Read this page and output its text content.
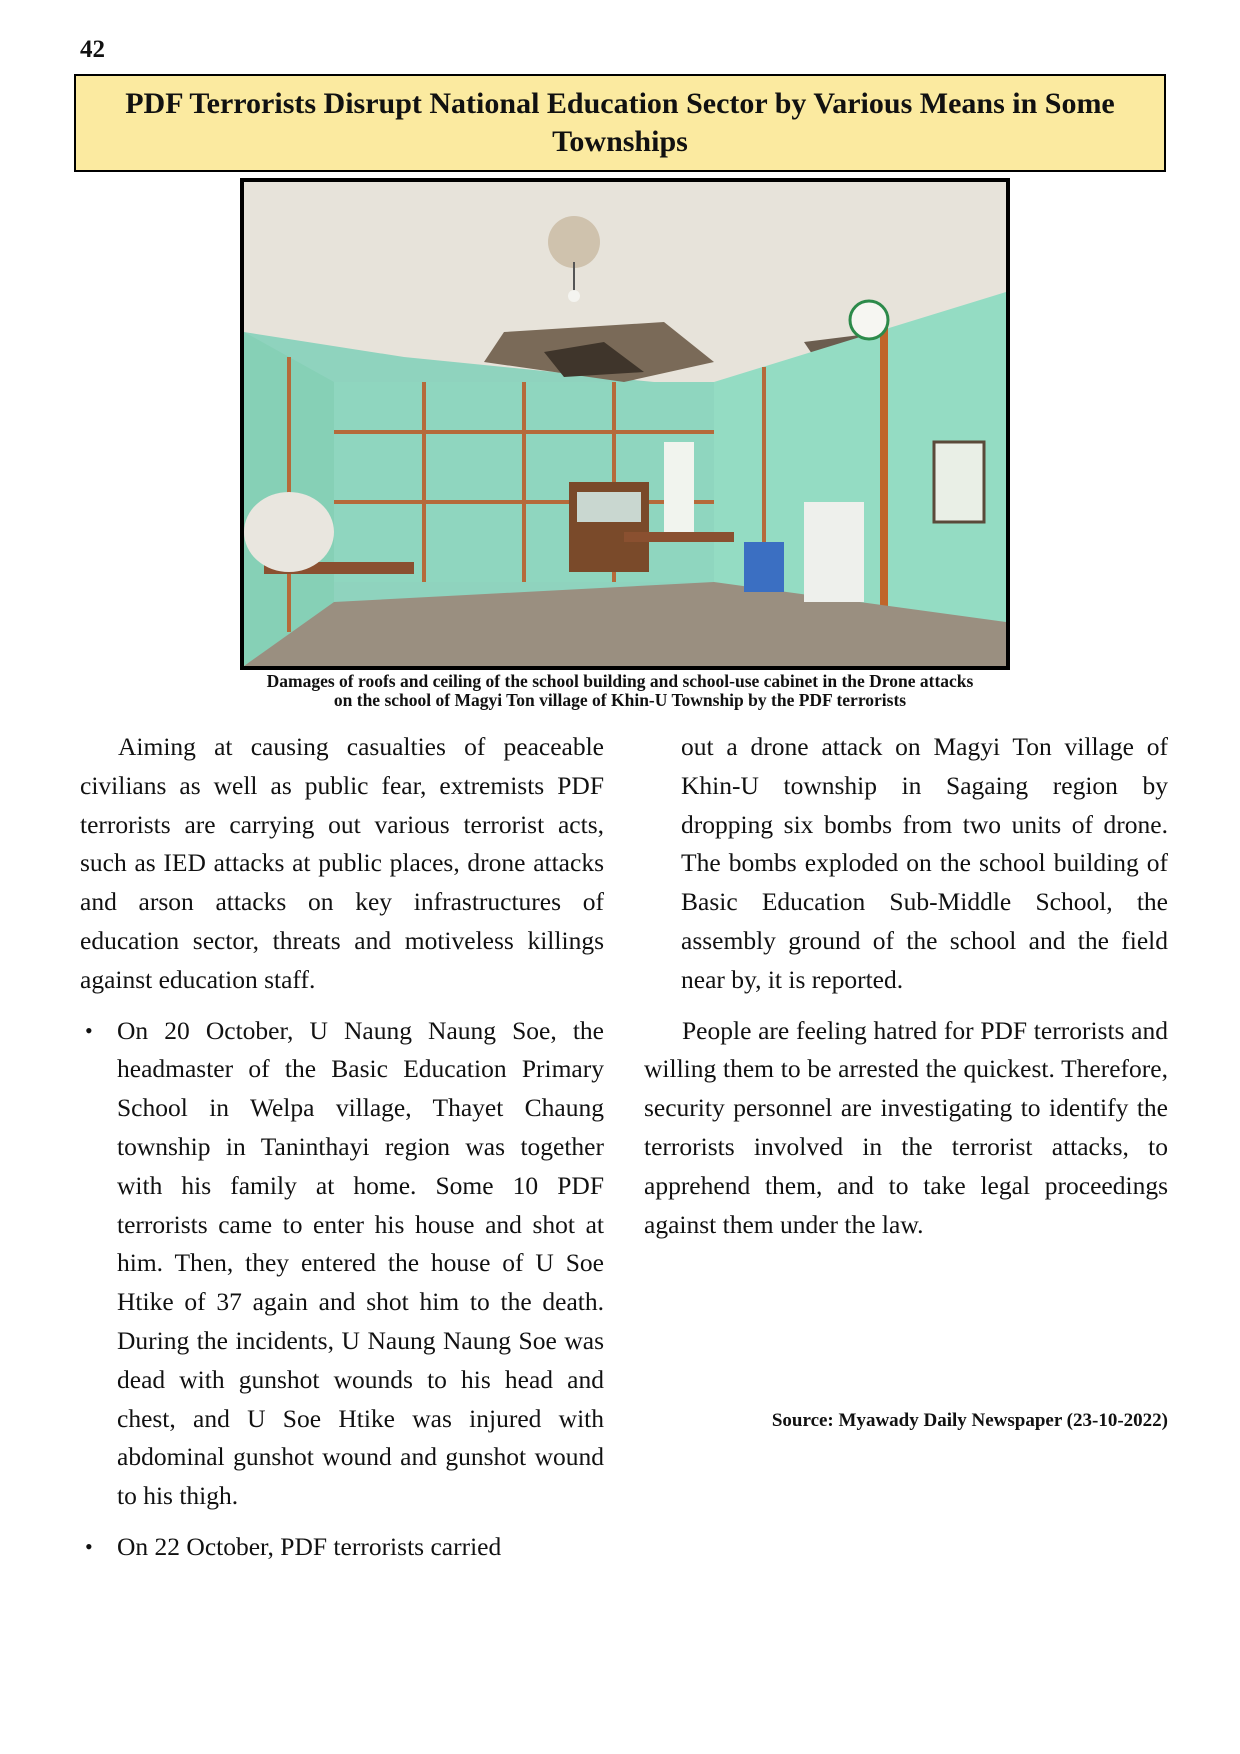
42
PDF Terrorists Disrupt National Education Sector by Various Means in Some Townships
Damages of roofs and ceiling of the school building and school-use cabinet in the Drone attacks
on the school of Magyi Ton village of Khin-U Township by the PDF terrorists

Aiming at causing casualties of peaceable civilians as well as public fear, extremists PDF terrorists are carrying out various terrorist acts, such as IED attacks at public places, drone attacks and arson attacks on key infrastructures of education sector, threats and motiveless killings against education staff.

• On 20 October, U Naung Naung Soe, the headmaster of the Basic Education Primary School in Welpa village, Thayet Chaung township in Taninthayi region was together with his family at home. Some 10 PDF terrorists came to enter his house and shot at him. Then, they entered the house of U Soe Htike of 37 again and shot him to the death. During the incidents, U Naung Naung Soe was dead with gunshot wounds to his head and chest, and U Soe Htike was injured with abdominal gunshot wound and gunshot wound to his thigh.

• On 22 October, PDF terrorists carried

out a drone attack on Magyi Ton village of Khin-U township in Sagaing region by dropping six bombs from two units of drone. The bombs exploded on the school building of Basic Education Sub-Middle School, the assembly ground of the school and the field near by, it is reported.

People are feeling hatred for PDF terrorists and willing them to be arrested the quickest. Therefore, security personnel are investigating to identify the terrorists involved in the terrorist attacks, to apprehend them, and to take legal proceedings against them under the law.

Source: Myawady Daily Newspaper (23-10-2022)
